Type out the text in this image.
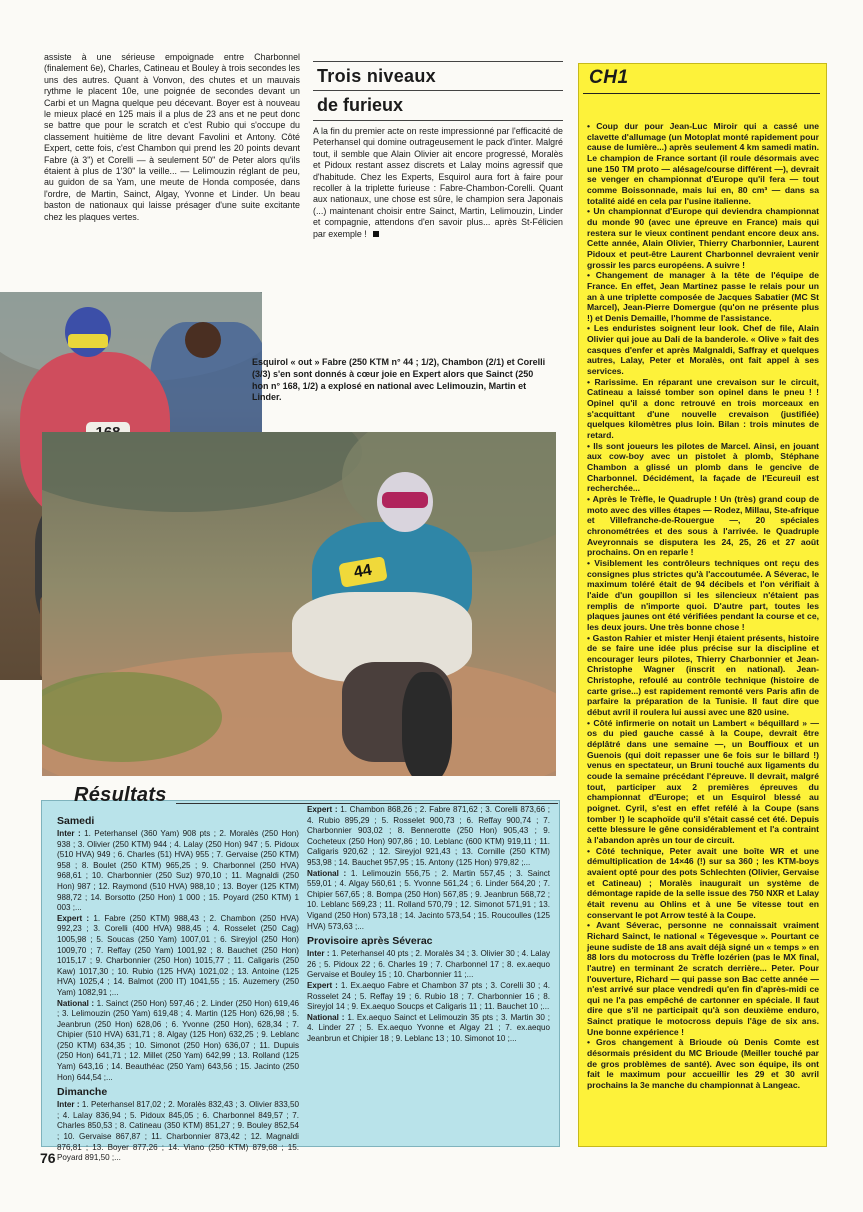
assiste à une sérieuse empoignade entre Charbonnel (finalement 6e), Charles, Catineau et Bouley à trois secondes les uns des autres. Quant à Vonvon, des chutes et un mauvais rythme le placent 10e, une poignée de secondes devant un Carbi et un Magna quelque peu décevant. Boyer est à nouveau le mieux placé en 125 mais il a plus de 23 ans et ne peut donc se battre que pour le scratch et c'est Rubio qui s'occupe du classement huitième de litre devant Favolini et Antony. Côté Expert, cette fois, c'est Chambon qui prend les 20 points devant Fabre (à 3") et Corelli — à seulement 50" de Peter alors qu'ils étaient à plus de 1'30" la veille... — Lelimouzin réglant de peu, au guidon de sa Yam, une meute de Honda composée, dans l'ordre, de Martin, Sainct, Algay, Yvonne et Linder. Un beau baston de nationaux qui laisse présager d'une suite excitante chez les plaques vertes.

Trois niveaux
de furieux

A la fin du premier acte on reste impressionné par l'efficacité de Peterhansel qui domine outrageusement le pack d'inter. Malgré tout, il semble que Alain Olivier ait encore progressé, Moralès et Pidoux restant assez discrets et Lalay moins agressif que d'habitude. Chez les Experts, Esquirol aura fort à faire pour recoller à la triplette furieuse : Fabre-Chambon-Corelli. Quant aux nationaux, une chose est sûre, le champion sera Japonais (...) maintenant choisir entre Sainct, Martin, Lelimouzin, Linder et compagnie, attendons d'en savoir plus... après St-Félicien par exemple !

44

Esquirol « out » Fabre (250 KTM n° 44 ; 1/2), Chambon (2/1) et Corelli (3/3) s'en sont donnés à cœur joie en Expert alors que Sainct (250 hon n° 168, 1/2) a explosé en national avec Lelimouzin, Martin et Linder.

Résultats

Samedi

Inter : 1. Peterhansel (360 Yam) 908 pts ; 2. Moralès (250 Hon) 938 ; 3. Olivier (250 KTM) 944 ; 4. Lalay (250 Hon) 947 ; 5. Pidoux (510 HVA) 949 ; 6. Charles (51) HVA) 955 ; 7. Gervaise (250 KTM) 958 ; 8. Boulet (250 KTM) 965,25 ; 9. Charbonnel (250 HVA) 968,61 ; 10. Charbonnier (250 Suz) 970,10 ; 11. Magnaldi (250 Hon) 987 ; 12. Raymond (510 HVA) 988,10 ; 13. Boyer (125 KTM) 988,72 ; 14. Borsotto (250 Hon) 1 000 ; 15. Poyard (250 KTM) 1 003 ;...

Expert : 1. Fabre (250 KTM) 988,43 ; 2. Chambon (250 HVA) 992,23 ; 3. Corelli (400 HVA) 988,45 ; 4. Rosselet (250 Cag) 1005,98 ; 5. Soucas (250 Yam) 1007,01 ; 6. Sireyjol (250 Hon) 1009,70 ; 7. Reffay (250 Yam) 1001,92 ; 8. Bauchet (250 Hon) 1015,17 ; 9. Charbonnier (250 Hon) 1015,77 ; 11. Caligaris (250 Kaw) 1017,30 ; 10. Rubio (125 HVA) 1021,02 ; 13. Antoine (125 HVA) 1025,4 ; 14. Balmot (200 IT) 1041,55 ; 15. Auzemery (250 Yam) 1082,91 ;...

National : 1. Sainct (250 Hon) 597,46 ; 2. Linder (250 Hon) 619,46 ; 3. Lelimouzin (250 Yam) 619,48 ; 4. Martin (125 Hon) 626,98 ; 5. Jeanbrun (250 Hon) 628,06 ; 6. Yvonne (250 Hon), 628,34 ; 7. Chipier (510 HVA) 631,71 ; 8. Algay (125 Hon) 632,25 ; 9. Leblanc (250 KTM) 634,35 ; 10. Simonot (250 Hon) 636,07 ; 11. Dupuis (250 Hon) 641,71 ; 12. Millet (250 Yam) 642,99 ; 13. Rolland (125 Yam) 643,16 ; 14. Beauthéac (250 Yam) 643,56 ; 15. Jacinto (250 Hon) 644,54 ;...

Dimanche

Inter : 1. Peterhansel 817,02 ; 2. Moralès 832,43 ; 3. Olivier 833,50 ; 4. Lalay 836,94 ; 5. Pidoux 845,05 ; 6. Charbonnel 849,57 ; 7. Charles 850,53 ; 8. Catineau (350 KTM) 851,27 ; 9. Bouley 852,54 ; 10. Gervaise 867,87 ; 11. Charbonnier 873,42 ; 12. Magnaldi 876,81 ; 13. Boyer 877,26 ; 14. Viano (250 KTM) 879,68 ; 15. Poyard 891,50 ;...

Expert : 1. Chambon 868,26 ; 2. Fabre 871,62 ; 3. Corelli 873,66 ; 4. Rubio 895,29 ; 5. Rosselet 900,73 ; 6. Reffay 900,74 ; 7. Charbonnier 903,02 ; 8. Bennerotte (250 Hon) 905,43 ; 9. Cocheteux (250 Hon) 907,86 ; 10. Leblanc (600 KTM) 919,11 ; 11. Caligaris 920,62 ; 12. Sireyjol 921,43 ; 13. Cornille (250 KTM) 953,98 ; 14. Bauchet 957,95 ; 15. Antony (125 Hon) 979,82 ;...

National : 1. Lelimouzin 556,75 ; 2. Martin 557,45 ; 3. Sainct 559,01 ; 4. Algay 560,61 ; 5. Yvonne 561,24 ; 6. Linder 564,20 ; 7. Chipier 567,65 ; 8. Bompa (250 Hon) 567,85 ; 9. Jeanbrun 568,72 ; 10. Leblanc 569,23 ; 11. Rolland 570,79 ; 12. Simonot 571,91 ; 13. Vigand (250 Hon) 573,18 ; 14. Jacinto 573,54 ; 15. Roucoulles (125 HVA) 573,63 ;...

Provisoire après Séverac

Inter : 1. Peterhansel 40 pts ; 2. Moralès 34 ; 3. Olivier 30 ; 4. Lalay 26 ; 5. Pidoux 22 ; 6. Charles 19 ; 7. Charbonnel 17 ; 8. ex.aequo Gervaise et Bouley 15 ; 10. Charbonnier 11 ;...

Expert : 1. Ex.aequo Fabre et Chambon 37 pts ; 3. Corelli 30 ; 4. Rosselet 24 ; 5. Reffay 19 ; 6. Rubio 18 ; 7. Charbonnier 16 ; 8. Sireyjol 14 ; 9. Ex.aequo Soucps et Caligaris 11 ; 11. Bauchet 10 ;...

National : 1. Ex.aequo Sainct et Lelimouzin 35 pts ; 3. Martin 30 ; 4. Linder 27 ; 5. Ex.aequo Yvonne et Algay 21 ; 7. ex.aequo Jeanbrun et Chipier 18 ; 9. Leblanc 13 ; 10. Simonot 10 ;...

CH1

• Coup dur pour Jean-Luc Miroir qui a cassé une clavette d'allumage (un Motoplat monté rapidement pour cause de lumière...) après seulement 4 km samedi matin. Le champion de France sortant (il roule désormais avec une 150 TM proto — alésage/course différent —), devrait se venger en championnat d'Europe qu'il fera — tout comme Boissonnade, mais lui en, 80 cm³ — dans sa totalité aidé en cela par l'usine italienne.

• Un championnat d'Europe qui deviendra championnat du monde 90 (avec une épreuve en France) mais qui restera sur le vieux continent pendant encore deux ans. Cette année, Alain Olivier, Thierry Charbonnier, Laurent Pidoux et peut-être Laurent Charbonnel devraient venir grossir les parcs européens. A suivre !

• Changement de manager à la tête de l'équipe de France. En effet, Jean Martinez passe le relais pour un an à une triplette composée de Jacques Sabatier (MC St Marcel), Jean-Pierre Domergue (qu'on ne présente plus !) et Denis Demaille, l'homme de l'assistance.

• Les enduristes soignent leur look. Chef de file, Alain Olivier qui joue au Dali de la banderole. « Olive » fait des casques d'enfer et après Malgnaldi, Saffray et quelques autres, Lalay, Peter et Moralès, ont fait appel à ses services.

• Rarissime. En réparant une crevaison sur le circuit, Catineau a laissé tomber son opinel dans le pneu ! ! Opinel qu'il a donc retrouvé en trois morceaux en s'acquittant d'une nouvelle crevaison (justifiée) quelques kilomètres plus loin. Bilan : trois minutes de retard.

• Ils sont joueurs les pilotes de Marcel. Ainsi, en jouant aux cow-boy avec un pistolet à plomb, Stéphane Chambon a glissé un plomb dans le gencive de Charbonnel. Décidément, la façade de l'Ecureuil est recherchée...

• Après le Trèfle, le Quadruple ! Un (très) grand coup de moto avec des villes étapes — Rodez, Millau, Ste-afrique et Villefranche-de-Rouergue —, 20 spéciales chronométrées et des sous à l'arrivée. le Quadruple Aveyronnais se disputera les 24, 25, 26 et 27 août prochains. On en reparle !

• Visiblement les contrôleurs techniques ont reçu des consignes plus strictes qu'à l'accoutumée. A Séverac, le maximum toléré était de 94 décibels et l'on vérifiait à l'aide d'un goupillon si les silencieux n'étaient pas remplis de n'importe quoi. D'autre part, toutes les plaques jaunes ont été vérifiées pendant la course et ce, les deux jours. Une très bonne chose !

• Gaston Rahier et mister Henji étaient présents, histoire de se faire une idée plus précise sur la discipline et encourager leurs pilotes, Thierry Charbonnier et Jean-Christophe Wagner (inscrit en national). Jean-Christophe, refoulé au contrôle technique (histoire de carte grise...) est rapidement remonté vers Paris afin de parfaire la préparation de la Tunisie. Il faut dire que début avril il roulera lui aussi avec une 820 usine.

• Côté infirmerie on notait un Lambert « béquillard » — os du pied gauche cassé à la Coupe, devrait être déplâtré dans une semaine —, un Bouffioux et un Guenois (qui doit repasser une 6e fois sur le billard !) venus en spectateur, un Bruni touché aux ligaments du coude la semaine précédant l'épreuve. Il devrait, malgré tout, participer aux 2 premières épreuves du championnat d'Europe; et un Esquirol blessé au poignet. Cyril, s'est en effet refélé à la Coupe (sans tomber !) le scaphoïde qu'il s'était cassé cet été. Depuis cette blessure le gêne considérablement et l'a contraint à l'abandon après un tour de circuit.

• Côté technique, Peter avait une boîte WR et une démultiplication de 14×46 (!) sur sa 360 ; les KTM-boys avaient opté pour des pots Schlechten (Olivier, Gervaise et Catineau) ; Moralès inaugurait un système de démontage rapide de la selle issue des 750 NXR et Lalay était revenu au Ohlins et à une 5e vitesse tout en conservant le pot Arrow testé à la Coupe.

• Avant Séverac, personne ne connaissait vraiment Richard Sainct, le national « Tégevesque ». Pourtant ce jeune sudiste de 18 ans avait déjà signé un « temps » en 88 lors du motocross du Trèfle lozérien (pas le MX final, l'autre) en terminant 2e scratch derrière... Peter. Pour l'ouverture, Richard — qui passe son Bac cette année — n'est arrivé sur place vendredi qu'en fin d'après-midi ce qui ne l'a pas empêché de cartonner en spéciale. Il faut dire que s'il ne participait qu'à son deuxième enduro, Sainct pratique le motocross depuis l'âge de six ans. Une bonne expérience !

• Gros changement à Brioude où Denis Comte est désormais président du MC Brioude (Meiller touché par de gros problèmes de santé). Avec son équipe, ils ont fait le maximum pour accueillir les 29 et 30 avril prochains la 3e manche du championnat à Langeac.

76
